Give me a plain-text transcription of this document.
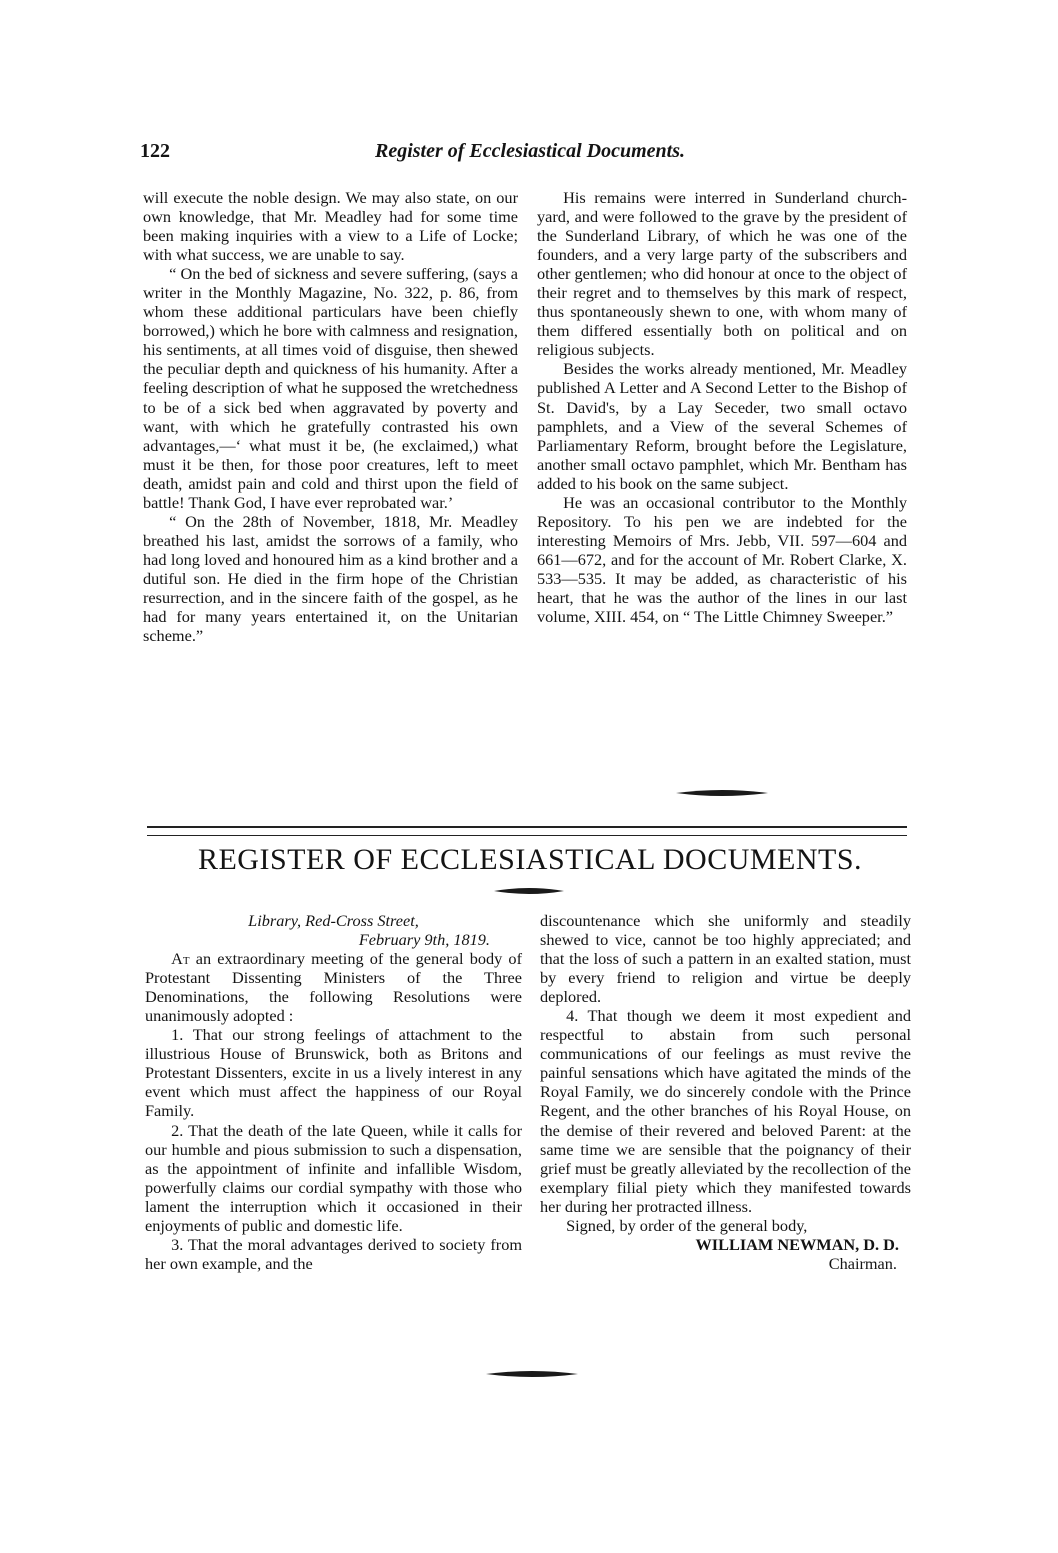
122	Register of Ecclesiastical Documents.

will execute the noble design. We may also state, on our own knowledge, that Mr. Meadley had for some time been making inquiries with a view to a Life of Locke; with what success, we are unable to say.

“ On the bed of sickness and severe suffering, (says a writer in the Monthly Magazine, No. 322, p. 86, from whom these additional particulars have been chiefly borrowed,) which he bore with calmness and resignation, his sentiments, at all times void of disguise, then shewed the peculiar depth and quickness of his humanity. After a feeling description of what he supposed the wretchedness to be of a sick bed when aggravated by poverty and want, with which he gratefully contrasted his own advantages,—‘ what must it be, (he exclaimed,) what must it be then, for those poor creatures, left to meet death, amidst pain and cold and thirst upon the field of battle! Thank God, I have ever reprobated war.’

“ On the 28th of November, 1818, Mr. Meadley breathed his last, amidst the sorrows of a family, who had long loved and honoured him as a kind brother and a dutiful son. He died in the firm hope of the Christian resurrection, and in the sincere faith of the gospel, as he had for many years entertained it, on the Unitarian scheme.”

His remains were interred in Sunderland church-yard, and were followed to the grave by the president of the Sunderland Library, of which he was one of the founders, and a very large party of the subscribers and other gentlemen; who did honour at once to the object of their regret and to themselves by this mark of respect, thus spontaneously shewn to one, with whom many of them differed essentially both on political and on religious subjects.

Besides the works already mentioned, Mr. Meadley published A Letter and A Second Letter to the Bishop of St. David's, by a Lay Seceder, two small octavo pamphlets, and a View of the several Schemes of Parliamentary Reform, brought before the Legislature, another small octavo pamphlet, which Mr. Bentham has added to his book on the same subject.

He was an occasional contributor to the Monthly Repository. To his pen we are indebted for the interesting Memoirs of Mrs. Jebb, VII. 597—604 and 661—672, and for the account of Mr. Robert Clarke, X. 533—535. It may be added, as characteristic of his heart, that he was the author of the lines in our last volume, XIII. 454, on “ The Little Chimney Sweeper.”

REGISTER OF ECCLESIASTICAL DOCUMENTS.

Library, Red-Cross Street,

February 9th, 1819.

At an extraordinary meeting of the general body of Protestant Dissenting Ministers of the Three Denominations, the following Resolutions were unanimously adopted :

1. That our strong feelings of attachment to the illustrious House of Brunswick, both as Britons and Protestant Dissenters, excite in us a lively interest in any event which must affect the happiness of our Royal Family.

2. That the death of the late Queen, while it calls for our humble and pious submission to such a dispensation, as the appointment of infinite and infallible Wisdom, powerfully claims our cordial sympathy with those who lament the interruption which it occasioned in their enjoyments of public and domestic life.

3. That the moral advantages derived to society from her own example, and the

discountenance which she uniformly and steadily shewed to vice, cannot be too highly appreciated; and that the loss of such a pattern in an exalted station, must by every friend to religion and virtue be deeply deplored.

4. That though we deem it most expedient and respectful to abstain from such personal communications of our feelings as must revive the painful sensations which have agitated the minds of the Royal Family, we do sincerely condole with the Prince Regent, and the other branches of his Royal House, on the demise of their revered and beloved Parent: at the same time we are sensible that the poignancy of their grief must be greatly alleviated by the recollection of the exemplary filial piety which they manifested towards her during her protracted illness.

Signed, by order of the general body,

WILLIAM NEWMAN, D. D.

Chairman.
